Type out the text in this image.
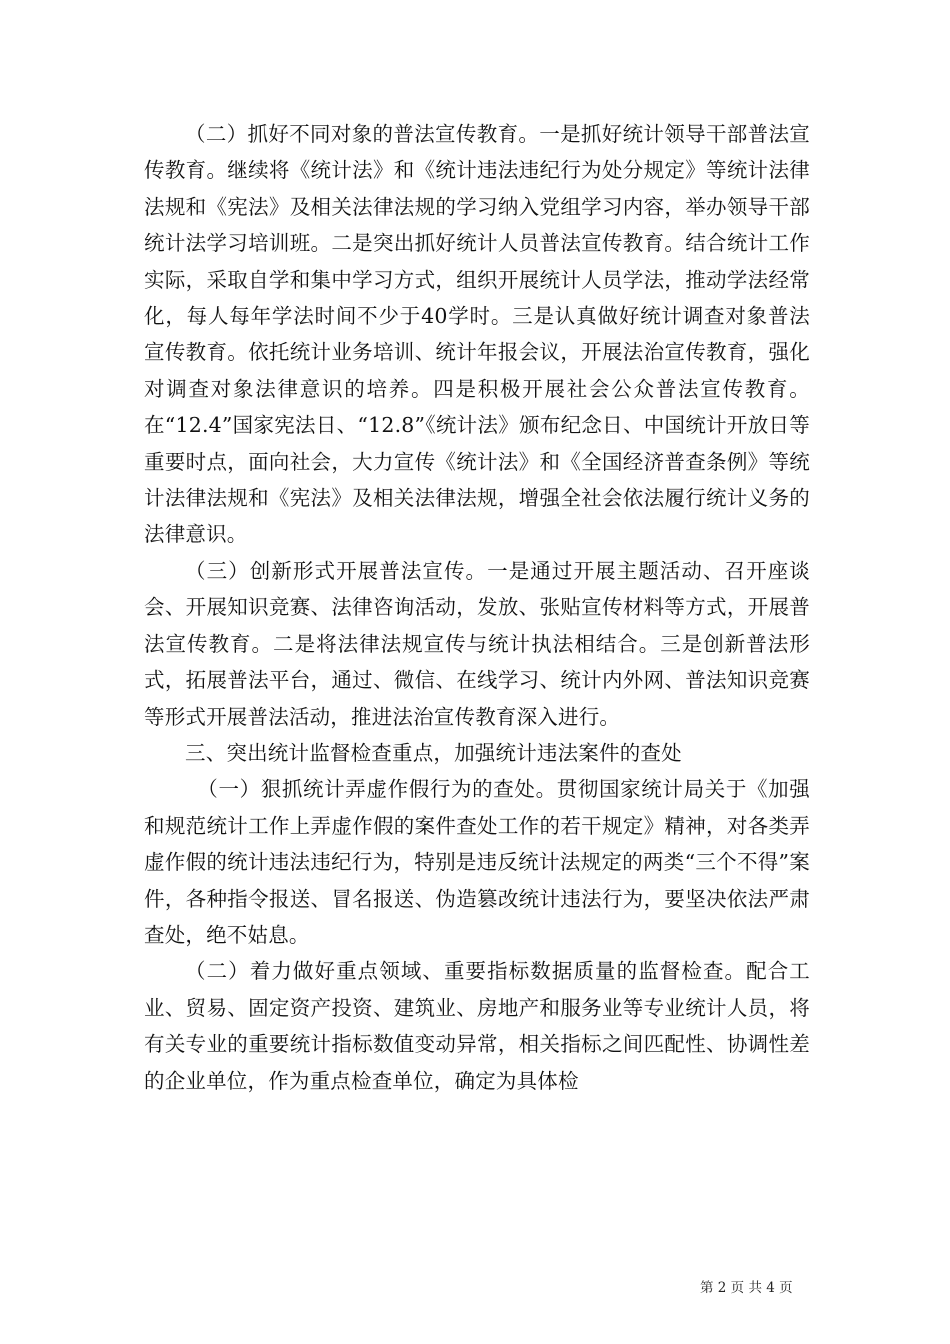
（二）抓好不同对象的普法宣传教育。一是抓好统计领导干部普法宣传教育。继续将《统计法》和《统计违法违纪行为处分规定》等统计法律法规和《宪法》及相关法律法规的学习纳入党组学习内容，举办领导干部统计法学习培训班。二是突出抓好统计人员普法宣传教育。结合统计工作实际，采取自学和集中学习方式，组织开展统计人员学法，推动学法经常化，每人每年学法时间不少于40学时。三是认真做好统计调查对象普法宣传教育。依托统计业务培训、统计年报会议，开展法治宣传教育，强化对调查对象法律意识的培养。四是积极开展社会公众普法宣传教育。在“12.4”国家宪法日、“12.8”《统计法》颁布纪念日、中国统计开放日等重要时点，面向社会，大力宣传《统计法》和《全国经济普查条例》等统计法律法规和《宪法》及相关法律法规，增强全社会依法履行统计义务的法律意识。

（三）创新形式开展普法宣传。一是通过开展主题活动、召开座谈会、开展知识竞赛、法律咨询活动，发放、张贴宣传材料等方式，开展普法宣传教育。二是将法律法规宣传与统计执法相结合。三是创新普法形式，拓展普法平台，通过、微信、在线学习、统计内外网、普法知识竞赛等形式开展普法活动，推进法治宣传教育深入进行。

三、突出统计监督检查重点，加强统计违法案件的查处

（一）狠抓统计弄虚作假行为的查处。贯彻国家统计局关于《加强和规范统计工作上弄虚作假的案件查处工作的若干规定》精神，对各类弄虚作假的统计违法违纪行为，特别是违反统计法规定的两类“三个不得”案件，各种指令报送、冒名报送、伪造篡改统计违法行为，要坚决依法严肃查处，绝不姑息。

（二）着力做好重点领域、重要指标数据质量的监督检查。配合工业、贸易、固定资产投资、建筑业、房地产和服务业等专业统计人员，将有关专业的重要统计指标数值变动异常，相关指标之间匹配性、协调性差的企业单位，作为重点检查单位，确定为具体检

第 2 页 共 4 页
